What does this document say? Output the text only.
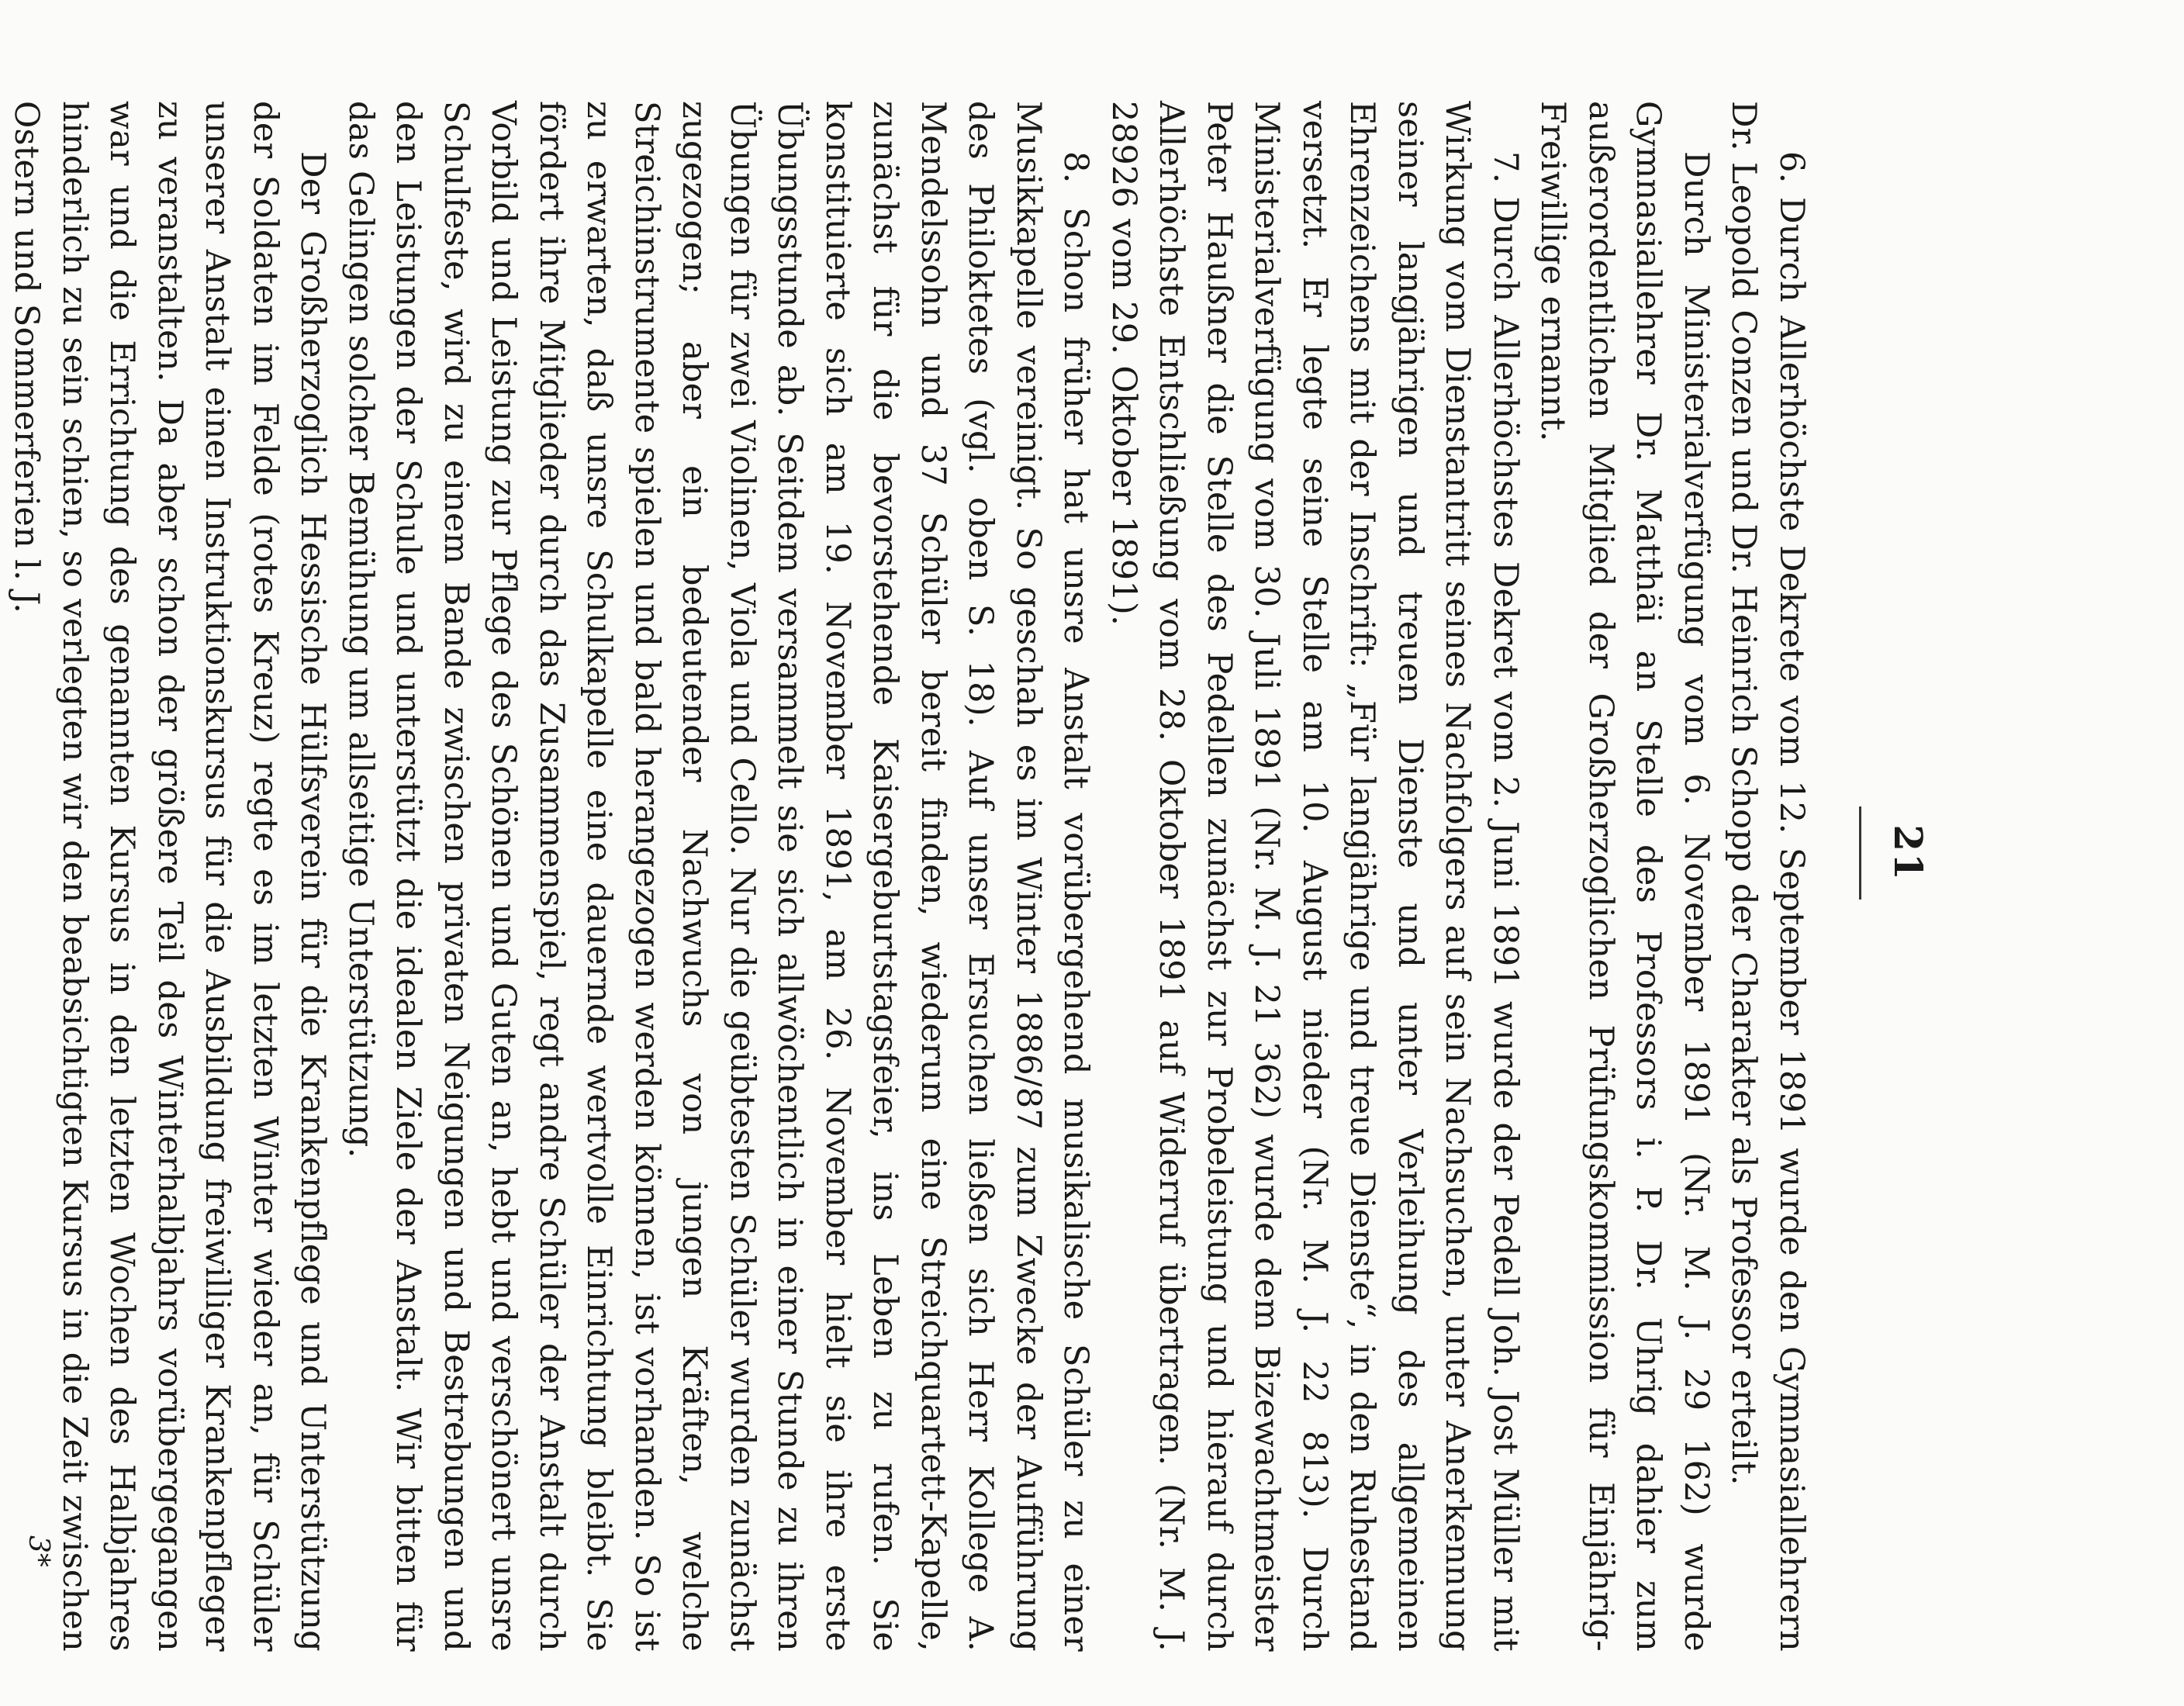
21

6. Durch Allerhöchste Dekrete vom 12. September 1891 wurde den Gymnasiallehrern Dr. Leopold Conzen und Dr. Heinrich Schopp der Charakter als Professor erteilt.

Durch Ministerialverfügung vom 6. November 1891 (Nr. M. J. 29 162) wurde Gymnasiallehrer Dr. Matthäi an Stelle des Professors i. P. Dr. Uhrig dahier zum außerordentlichen Mitglied der Großherzoglichen Prüfungskommission für Einjährig-Freiwillige ernannt.

7. Durch Allerhöchstes Dekret vom 2. Juni 1891 wurde der Pedell Joh. Jost Müller mit Wirkung vom Dienstantritt seines Nachfolgers auf sein Nachsuchen, unter Anerkennung seiner langjährigen und treuen Dienste und unter Verleihung des allgemeinen Ehrenzeichens mit der Inschrift: „Für langjährige und treue Dienste“, in den Ruhestand versetzt. Er legte seine Stelle am 10. August nieder (Nr. M. J. 22 813). Durch Ministerialverfügung vom 30. Juli 1891 (Nr. M. J. 21 362) wurde dem Bizewachtmeister Peter Haußner die Stelle des Pedellen zunächst zur Probeleistung und hierauf durch Allerhöchste Entschließung vom 28. Oktober 1891 auf Widerruf übertragen. (Nr. M. J. 28926 vom 29. Oktober 1891).

8. Schon früher hat unsre Anstalt vorübergehend musikalische Schüler zu einer Musikkapelle vereinigt. So geschah es im Winter 1886/87 zum Zwecke der Aufführung des Philoktetes (vgl. oben S. 18). Auf unser Ersuchen ließen sich Herr Kollege A. Mendelssohn und 37 Schüler bereit finden, wiederum eine Streichquartett-Kapelle, zunächst für die bevorstehende Kaisergeburtstagsfeier, ins Leben zu rufen. Sie konstituierte sich am 19. November 1891, am 26. November hielt sie ihre erste Übungsstunde ab. Seitdem versammelt sie sich allwöchentlich in einer Stunde zu ihren Übungen für zwei Violinen, Viola und Cello. Nur die geübtesten Schüler wurden zunächst zugezogen; aber ein bedeutender Nachwuchs von jungen Kräften, welche Streichinstrumente spielen und bald herangezogen werden können, ist vorhanden. So ist zu erwarten, daß unsre Schulkapelle eine dauernde wertvolle Einrichtung bleibt. Sie fördert ihre Mitglieder durch das Zusammenspiel, regt andre Schüler der Anstalt durch Vorbild und Leistung zur Pflege des Schönen und Guten an, hebt und verschönert unsre Schulfeste, wird zu einem Bande zwischen privaten Neigungen und Bestrebungen und den Leistungen der Schule und unterstützt die idealen Ziele der Anstalt. Wir bitten für das Gelingen solcher Bemühung um allseitige Unterstützung.

Der Großherzoglich Hessische Hülfsverein für die Krankenpflege und Unterstützung der Soldaten im Felde (rotes Kreuz) regte es im letzten Winter wieder an, für Schüler unserer Anstalt einen Instruktionskursus für die Ausbildung freiwilliger Krankenpfleger zu veranstalten. Da aber schon der größere Teil des Winterhalbjahrs vorübergegangen war und die Errichtung des genannten Kursus in den letzten Wochen des Halbjahres hinderlich zu sein schien, so verlegten wir den beabsichtigten Kursus in die Zeit zwischen Ostern und Sommerferien l. J.

3*
